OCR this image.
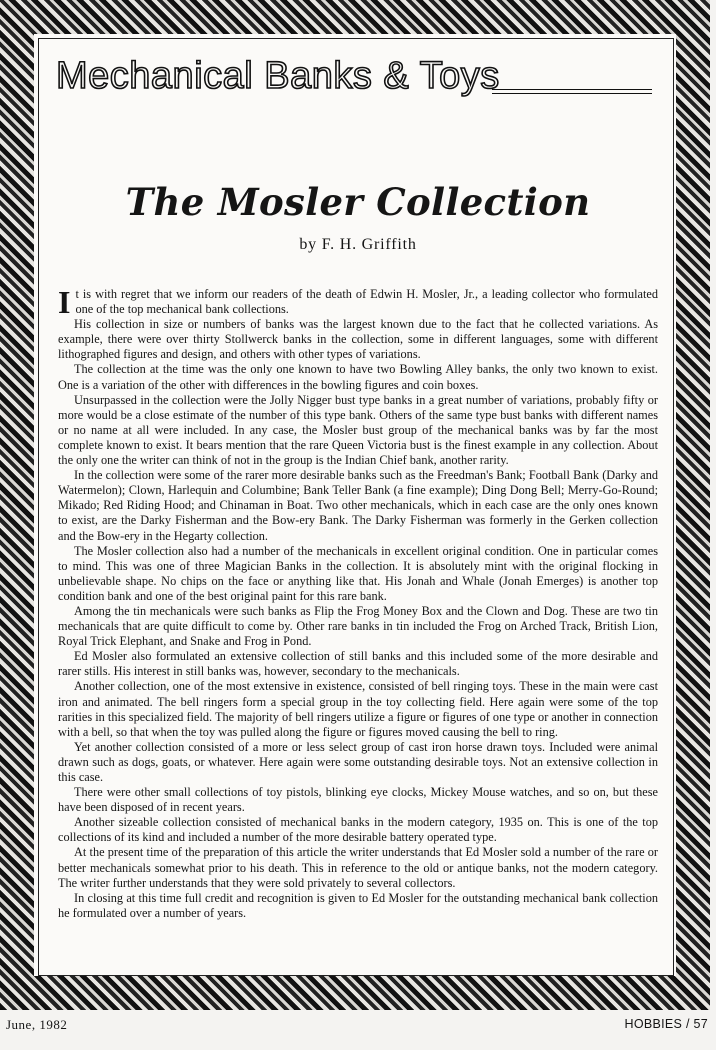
Mechanical Banks & Toys
The Mosler Collection
by F. H. Griffith

It is with regret that we inform our readers of the death of Edwin H. Mosler, Jr., a leading collector who formulated one of the top mechanical bank collections.

His collection in size or numbers of banks was the largest known due to the fact that he collected variations. As example, there were over thirty Stollwerck banks in the collection, some in different languages, some with different lithographed figures and design, and others with other types of variations.

The collection at the time was the only one known to have two Bowling Alley banks, the only two known to exist. One is a variation of the other with differences in the bowling figures and coin boxes.

Unsurpassed in the collection were the Jolly Nigger bust type banks in a great number of variations, probably fifty or more would be a close estimate of the number of this type bank. Others of the same type bust banks with different names or no name at all were included. In any case, the Mosler bust group of the mechanical banks was by far the most complete known to exist. It bears mention that the rare Queen Victoria bust is the finest example in any collection. About the only one the writer can think of not in the group is the Indian Chief bank, another rarity.

In the collection were some of the rarer more desirable banks such as the Freedman's Bank; Football Bank (Darky and Watermelon); Clown, Harlequin and Columbine; Bank Teller Bank (a fine example); Ding Dong Bell; Merry-Go-Round; Mikado; Red Riding Hood; and Chinaman in Boat. Two other mechanicals, which in each case are the only ones known to exist, are the Darky Fisherman and the Bow-ery Bank. The Darky Fisherman was formerly in the Gerken collection and the Bow-ery in the Hegarty collection.

The Mosler collection also had a number of the mechanicals in excellent original condition. One in particular comes to mind. This was one of three Magician Banks in the collection. It is absolutely mint with the original flocking in unbelievable shape. No chips on the face or anything like that. His Jonah and Whale (Jonah Emerges) is another top condition bank and one of the best original paint for this rare bank.

Among the tin mechanicals were such banks as Flip the Frog Money Box and the Clown and Dog. These are two tin mechanicals that are quite difficult to come by. Other rare banks in tin included the Frog on Arched Track, British Lion, Royal Trick Elephant, and Snake and Frog in Pond.

Ed Mosler also formulated an extensive collection of still banks and this included some of the more desirable and rarer stills. His interest in still banks was, however, secondary to the mechanicals.

Another collection, one of the most extensive in existence, consisted of bell ringing toys. These in the main were cast iron and animated. The bell ringers form a special group in the toy collecting field. Here again were some of the top rarities in this specialized field. The majority of bell ringers utilize a figure or figures of one type or another in connection with a bell, so that when the toy was pulled along the figure or figures moved causing the bell to ring.

Yet another collection consisted of a more or less select group of cast iron horse drawn toys. Included were animal drawn such as dogs, goats, or whatever. Here again were some outstanding desirable toys. Not an extensive collection in this case.

There were other small collections of toy pistols, blinking eye clocks, Mickey Mouse watches, and so on, but these have been disposed of in recent years.

Another sizeable collection consisted of mechanical banks in the modern category, 1935 on. This is one of the top collections of its kind and included a number of the more desirable battery operated type.

At the present time of the preparation of this article the writer understands that Ed Mosler sold a number of the rare or better mechanicals somewhat prior to his death. This in reference to the old or antique banks, not the modern category. The writer further understands that they were sold privately to several collectors.

In closing at this time full credit and recognition is given to Ed Mosler for the outstanding mechanical bank collection he formulated over a number of years.

June, 1982	HOBBIES / 57
